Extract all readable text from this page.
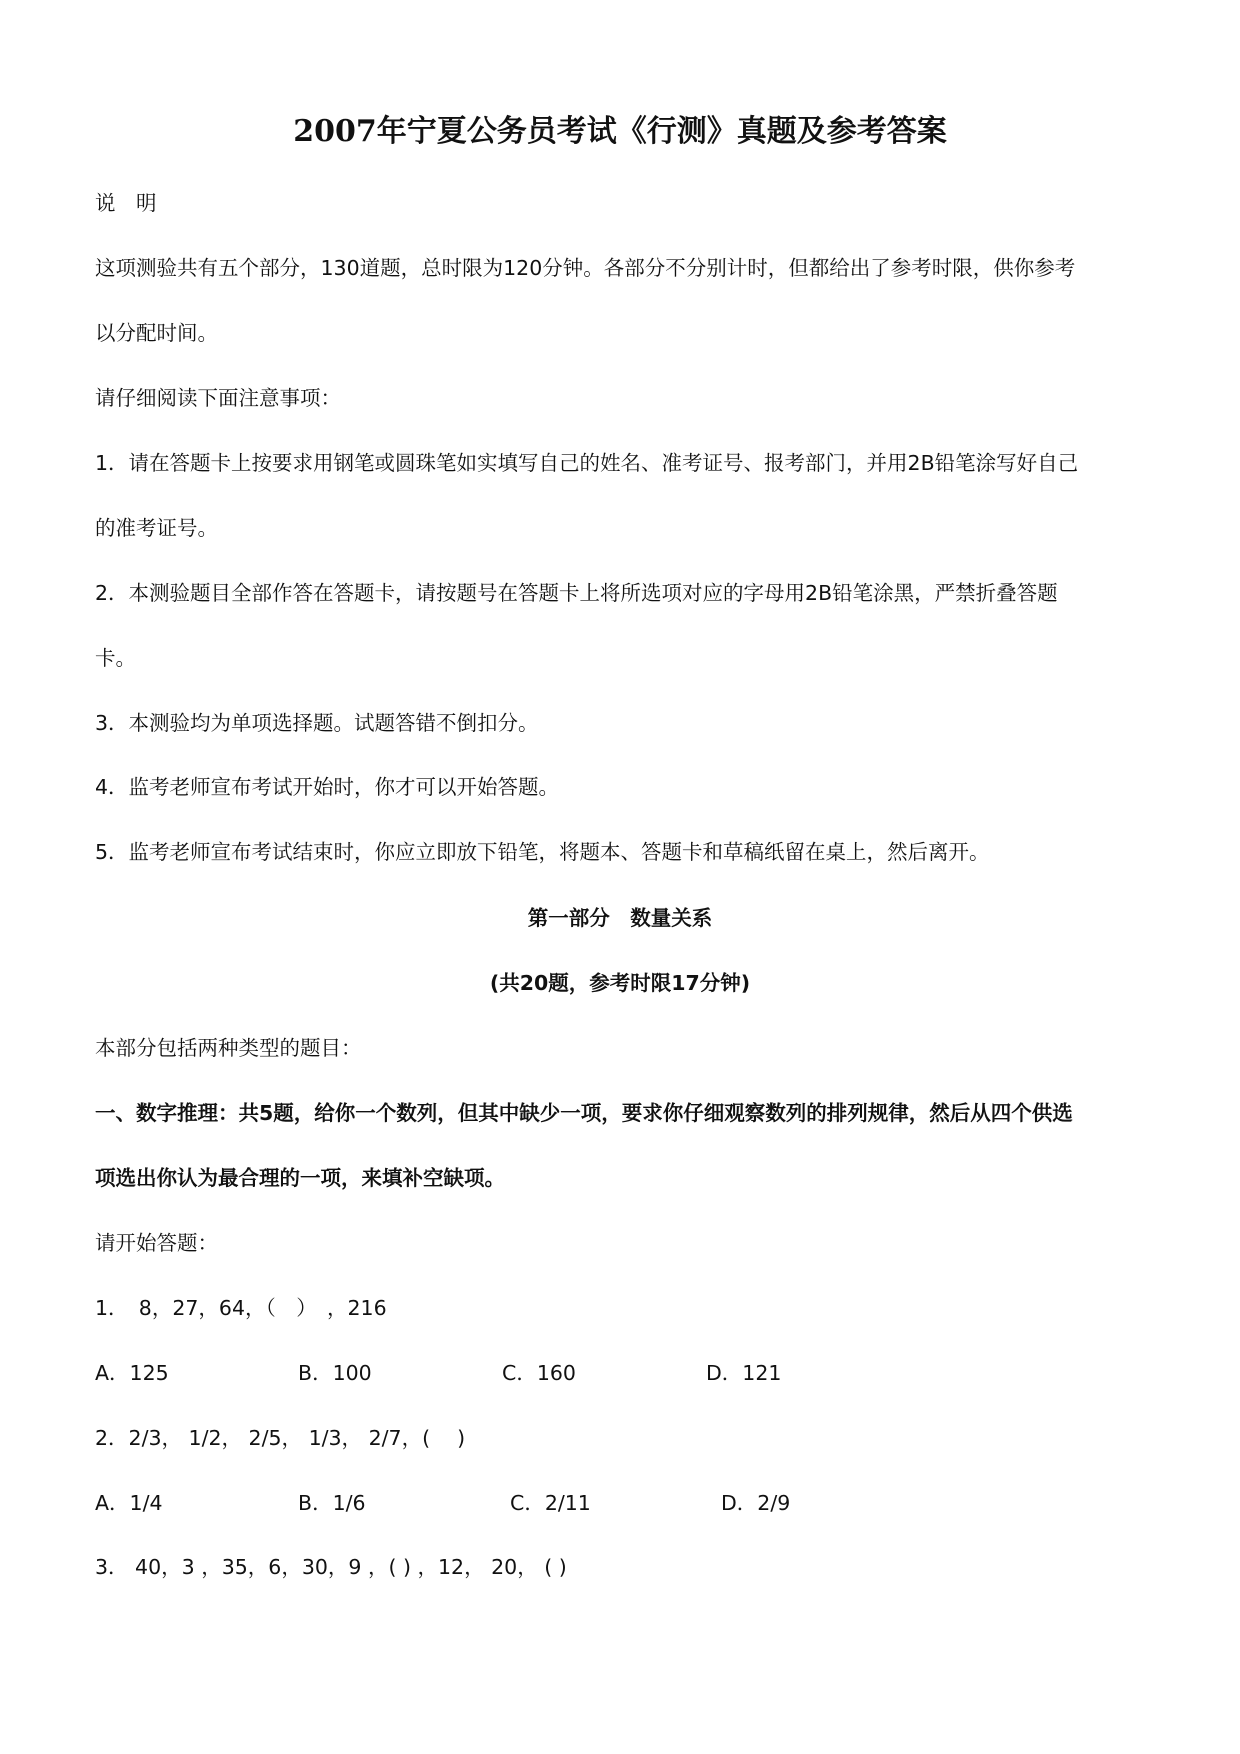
2007年宁夏公务员考试《行测》真题及参考答案
说　明
这项测验共有五个部分，130道题，总时限为120分钟。各部分不分别计时，但都给出了参考时限，供你参考
以分配时间。
请仔细阅读下面注意事项：
1．请在答题卡上按要求用钢笔或圆珠笔如实填写自己的姓名、准考证号、报考部门，并用2B铅笔涂写好自己
的准考证号。
2．本测验题目全部作答在答题卡，请按题号在答题卡上将所选项对应的字母用2B铅笔涂黑，严禁折叠答题
卡。
3．本测验均为单项选择题。试题答错不倒扣分。
4．监考老师宣布考试开始时，你才可以开始答题。
5．监考老师宣布考试结束时，你应立即放下铅笔，将题本、答题卡和草稿纸留在桌上，然后离开。
第一部分　数量关系
(共20题，参考时限17分钟)
本部分包括两种类型的题目：
一、数字推理：共5题，给你一个数列，但其中缺少一项，要求你仔细观察数列的排列规律，然后从四个供选
项选出你认为最合理的一项，来填补空缺项。
请开始答题：
1．　8，27，64，（　）　，216
A．125	B．100	C．160	D．121
2．2/3， 1/2， 2/5， 1/3， 2/7，(　 )
A．1/4	B．1/6	C．2/11	D．2/9
3． 40，3 ，35，6，30，9 ，( ) ，12， 20， ( )
